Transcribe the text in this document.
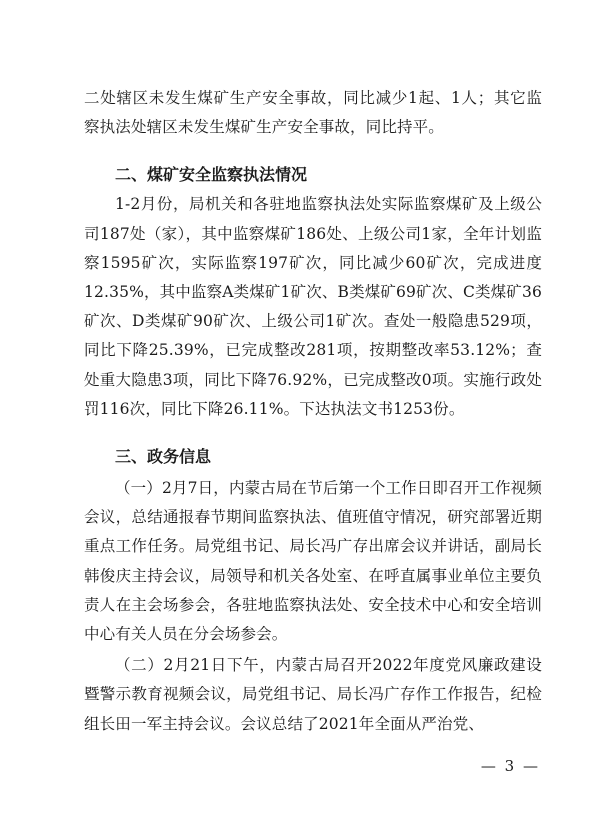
二处辖区未发生煤矿生产安全事故，同比减少1起、1人；其它监察执法处辖区未发生煤矿生产安全事故，同比持平。

二、煤矿安全监察执法情况

1-2月份，局机关和各驻地监察执法处实际监察煤矿及上级公司187处（家），其中监察煤矿186处、上级公司1家，全年计划监察1595矿次，实际监察197矿次，同比减少60矿次，完成进度12.35%，其中监察A类煤矿1矿次、B类煤矿69矿次、C类煤矿36矿次、D类煤矿90矿次、上级公司1矿次。查处一般隐患529项，同比下降25.39%，已完成整改281项，按期整改率53.12%；查处重大隐患3项，同比下降76.92%，已完成整改0项。实施行政处罚116次，同比下降26.11%。下达执法文书1253份。

三、政务信息

（一）2月7日，内蒙古局在节后第一个工作日即召开工作视频会议，总结通报春节期间监察执法、值班值守情况，研究部署近期重点工作任务。局党组书记、局长冯广存出席会议并讲话，副局长韩俊庆主持会议，局领导和机关各处室、在呼直属事业单位主要负责人在主会场参会，各驻地监察执法处、安全技术中心和安全培训中心有关人员在分会场参会。

（二）2月21日下午，内蒙古局召开2022年度党风廉政建设暨警示教育视频会议，局党组书记、局长冯广存作工作报告，纪检组长田一军主持会议。会议总结了2021年全面从严治党、

— 3 —
